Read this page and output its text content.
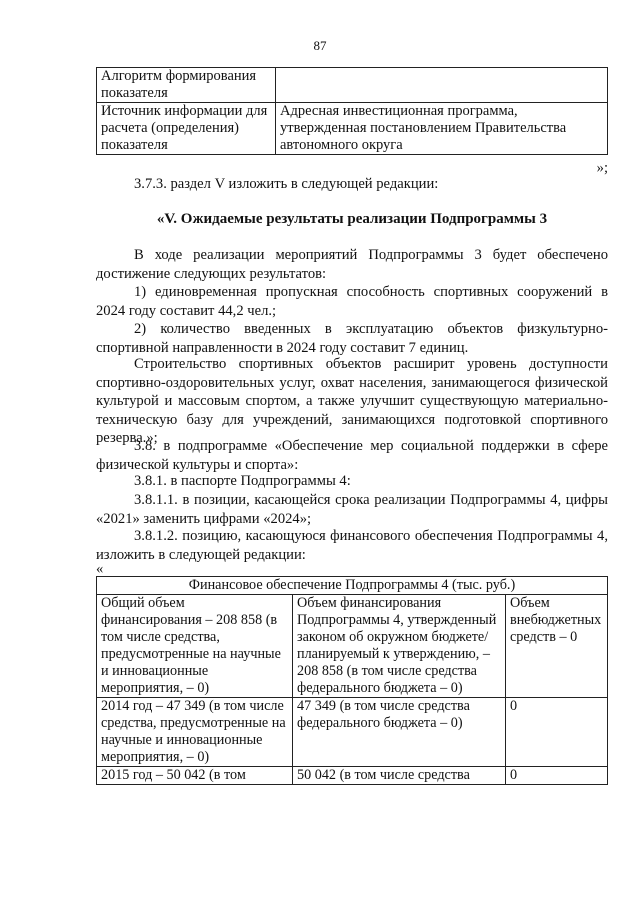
87
Алгоритм формирования показателя	
Источник информации для расчета (определения) показателя	Адресная инвестиционная программа, утвержденная постановлением Правительства автономного округа
»;
3.7.3. раздел V изложить в следующей редакции:
«V. Ожидаемые результаты реализации Подпрограммы 3
В ходе реализации мероприятий Подпрограммы 3 будет обеспечено достижение следующих результатов:
1) единовременная пропускная способность спортивных сооружений в 2024 году составит 44,2 чел.;
2) количество введенных в эксплуатацию объектов физкультурно-спортивной направленности в 2024 году составит 7 единиц.
Строительство спортивных объектов расширит уровень доступности спортивно-оздоровительных услуг, охват населения, занимающегося физической культурой и массовым спортом, а также улучшит существующую материально-техническую базу для учреждений, занимающихся подготовкой спортивного резерва.»;
3.8. в подпрограмме «Обеспечение мер социальной поддержки в сфере физической культуры и спорта»:
3.8.1. в паспорте Подпрограммы 4:
3.8.1.1. в позиции, касающейся срока реализации Подпрограммы 4, цифры «2021» заменить цифрами «2024»;
3.8.1.2. позицию, касающуюся финансового обеспечения Подпрограммы 4, изложить в следующей редакции:
«
Финансовое обеспечение Подпрограммы 4 (тыс. руб.)		
Общий объем финансирования – 208 858 (в том числе средства, предусмотренные на научные и инновационные мероприятия, – 0)	Объем финансирования Подпрограммы 4, утвержденный законом об окружном бюджете/планируемый к утверждению, – 208 858 (в том числе средства федерального бюджета – 0)	Объем внебюджетных средств – 0
2014 год – 47 349 (в том числе средства, предусмотренные на научные и инновационные мероприятия, – 0)	47 349 (в том числе средства федерального бюджета – 0)	0
2015 год – 50 042 (в том	50 042 (в том числе средства	0
